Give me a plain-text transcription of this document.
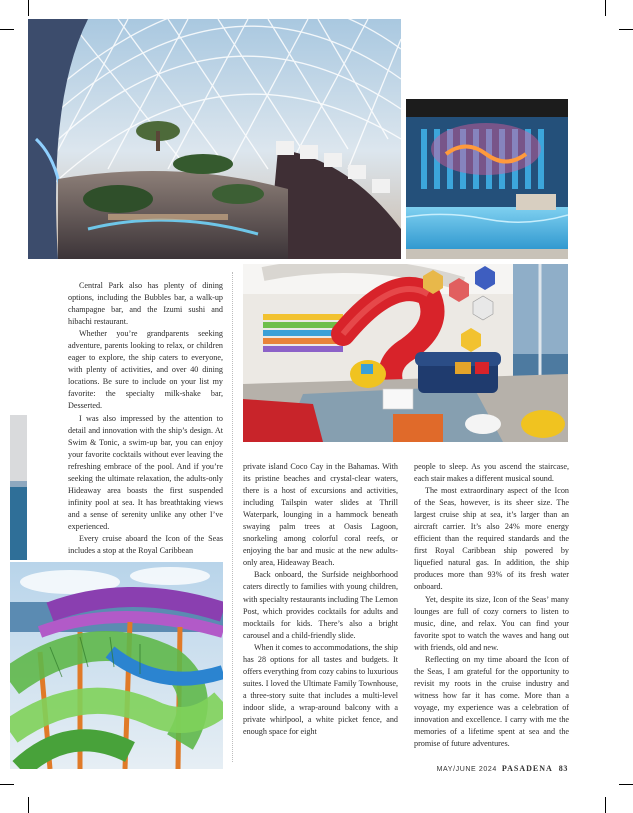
Central Park also has plenty of dining options, including the Bubbles bar, a walk-up champagne bar, and the Izumi sushi and hibachi restaurant.

Whether you’re grandparents seeking adventure, parents looking to relax, or children eager to explore, the ship caters to everyone, with plenty of activities, and over 40 dining locations. Be sure to include on your list my favorite: the specialty milk-shake bar, Desserted.

I was also impressed by the attention to detail and innovation with the ship’s design. At Swim & Tonic, a swim-up bar, you can enjoy your favorite cocktails without ever leaving the refreshing embrace of the pool. And if you’re seeking the ultimate relaxation, the adults-only Hideaway area boasts the first suspended infinity pool at sea. It has breathtaking views and a sense of serenity unlike any other I’ve experienced.

Every cruise aboard the Icon of the Seas includes a stop at the Royal Caribbean

private island Coco Cay in the Bahamas. With its pristine beaches and crystal-clear waters, there is a host of excursions and activities, including Tailspin water slides at Thrill Waterpark, lounging in a hammock beneath swaying palm trees at Oasis Lagoon, snorkeling among colorful coral reefs, or enjoying the bar and music at the new adults-only area, Hideaway Beach.

Back onboard, the Surfside neighborhood caters directly to families with young children, with specialty restaurants including The Lemon Post, which provides cocktails for adults and mocktails for kids. There’s also a bright carousel and a child-friendly slide.

When it comes to accommodations, the ship has 28 options for all tastes and budgets. It offers everything from cozy cabins to luxurious suites. I loved the Ultimate Family Townhouse, a three-story suite that includes a multi-level indoor slide, a wrap-around balcony with a private whirlpool, a white picket fence, and enough space for eight

people to sleep. As you ascend the staircase, each stair makes a different musical sound.

The most extraordinary aspect of the Icon of the Seas, however, is its sheer size. The largest cruise ship at sea, it’s larger than an aircraft carrier. It’s also 24% more energy efficient than the required standards and the first Royal Caribbean ship powered by liquefied natural gas. In addition, the ship produces more than 93% of its fresh water onboard.

Yet, despite its size, Icon of the Seas’ many lounges are full of cozy corners to listen to music, dine, and relax. You can find your favorite spot to watch the waves and hang out with friends, old and new.

Reflecting on my time aboard the Icon of the Seas, I am grateful for the opportunity to revisit my roots in the cruise industry and witness how far it has come. More than a voyage, my experience was a celebration of innovation and excellence. I carry with me the memories of a lifetime spent at sea and the promise of future adventures.

MAY/JUNE 2024 PASADENA 83
